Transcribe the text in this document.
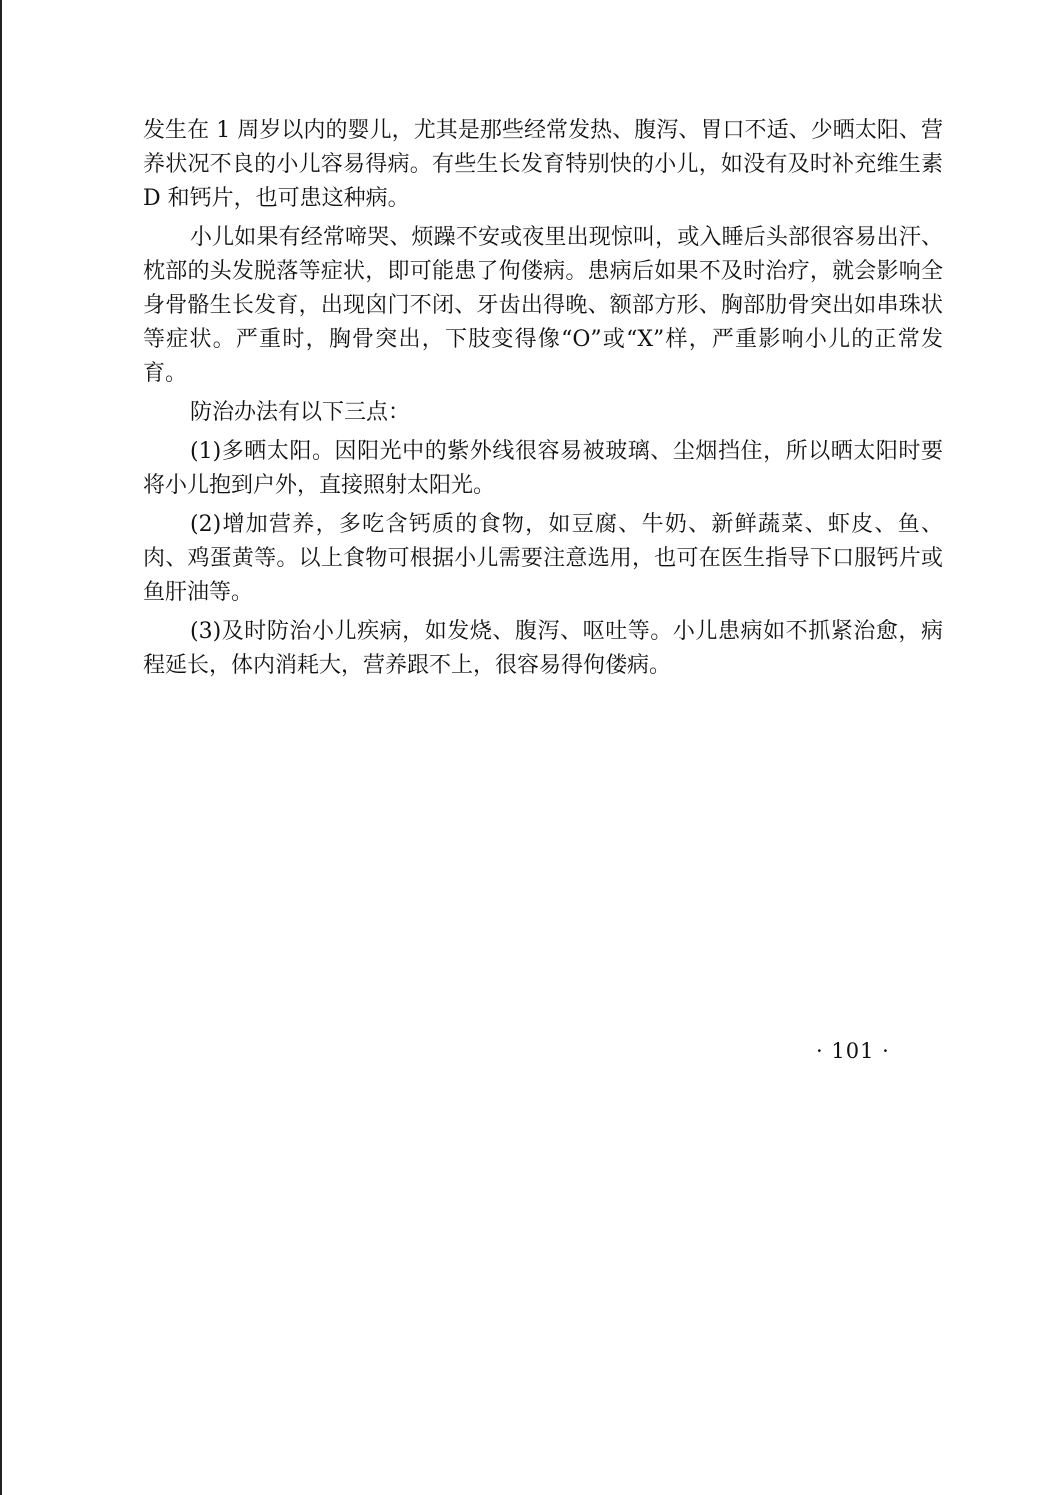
发生在 1 周岁以内的婴儿，尤其是那些经常发热、腹泻、胃口不适、少晒太阳、营养状况不良的小儿容易得病。有些生长发育特别快的小儿，如没有及时补充维生素 D 和钙片，也可患这种病。

小儿如果有经常啼哭、烦躁不安或夜里出现惊叫，或入睡后头部很容易出汗、枕部的头发脱落等症状，即可能患了佝偻病。患病后如果不及时治疗，就会影响全身骨骼生长发育，出现囟门不闭、牙齿出得晚、额部方形、胸部肋骨突出如串珠状等症状。严重时，胸骨突出，下肢变得像“O”或“X”样，严重影响小儿的正常发育。

防治办法有以下三点：

(1)多晒太阳。因阳光中的紫外线很容易被玻璃、尘烟挡住，所以晒太阳时要将小儿抱到户外，直接照射太阳光。

(2)增加营养，多吃含钙质的食物，如豆腐、牛奶、新鲜蔬菜、虾皮、鱼、肉、鸡蛋黄等。以上食物可根据小儿需要注意选用，也可在医生指导下口服钙片或鱼肝油等。

(3)及时防治小儿疾病，如发烧、腹泻、呕吐等。小儿患病如不抓紧治愈，病程延长，体内消耗大，营养跟不上，很容易得佝偻病。

· 101 ·
